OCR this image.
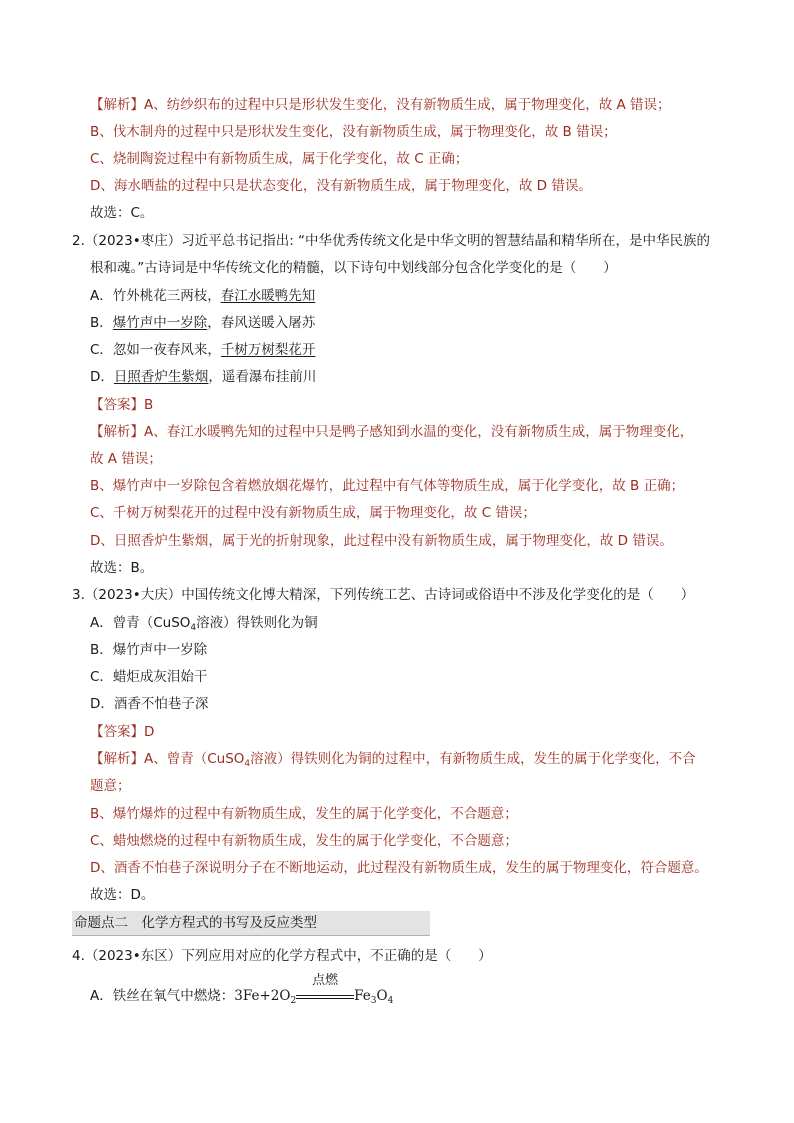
【解析】A、纺纱织布的过程中只是形状发生变化，没有新物质生成，属于物理变化，故 A 错误；
B、伐木制舟的过程中只是形状发生变化，没有新物质生成，属于物理变化，故 B 错误；
C、烧制陶瓷过程中有新物质生成，属于化学变化，故 C 正确；
D、海水晒盐的过程中只是状态变化，没有新物质生成，属于物理变化，故 D 错误。
故选：C。
2.（2023•枣庄）习近平总书记指出: “中华优秀传统文化是中华文明的智慧结晶和精华所在，是中华民族的
根和魂。”古诗词是中华传统文化的精髓，以下诗句中划线部分包含化学变化的是（　　）
A．竹外桃花三两枝，春江水暖鸭先知
B．爆竹声中一岁除，春风送暖入屠苏
C．忽如一夜春风来，千树万树梨花开
D．日照香炉生紫烟，遥看瀑布挂前川
【答案】B
【解析】A、春江水暖鸭先知的过程中只是鸭子感知到水温的变化，没有新物质生成，属于物理变化，
故 A 错误；
B、爆竹声中一岁除包含着燃放烟花爆竹，此过程中有气体等物质生成，属于化学变化，故 B 正确；
C、千树万树梨花开的过程中没有新物质生成，属于物理变化，故 C 错误；
D、日照香炉生紫烟，属于光的折射现象，此过程中没有新物质生成，属于物理变化，故 D 错误。
故选：B。
3.（2023•大庆）中国传统文化博大精深，下列传统工艺、古诗词或俗语中不涉及化学变化的是（　　）
A．曾青（CuSO$_4$溶液）得铁则化为铜
B．爆竹声中一岁除
C．蜡炬成灰泪始干
D．酒香不怕巷子深
【答案】D
【解析】A、曾青（CuSO$_4$溶液）得铁则化为铜的过程中，有新物质生成，发生的属于化学变化，不合
题意；
B、爆竹爆炸的过程中有新物质生成，发生的属于化学变化，不合题意；
C、蜡烛燃烧的过程中有新物质生成，发生的属于化学变化，不合题意；
D、酒香不怕巷子深说明分子在不断地运动，此过程没有新物质生成，发生的属于物理变化，符合题意。
故选：D。
命题点二　化学方程式的书写及反应类型
4.（2023•东区）下列应用对应的化学方程式中，不正确的是（　　）
A．铁丝在氧气中燃烧：$3Fe+2O_2$
点燃
$Fe_3O_4$
